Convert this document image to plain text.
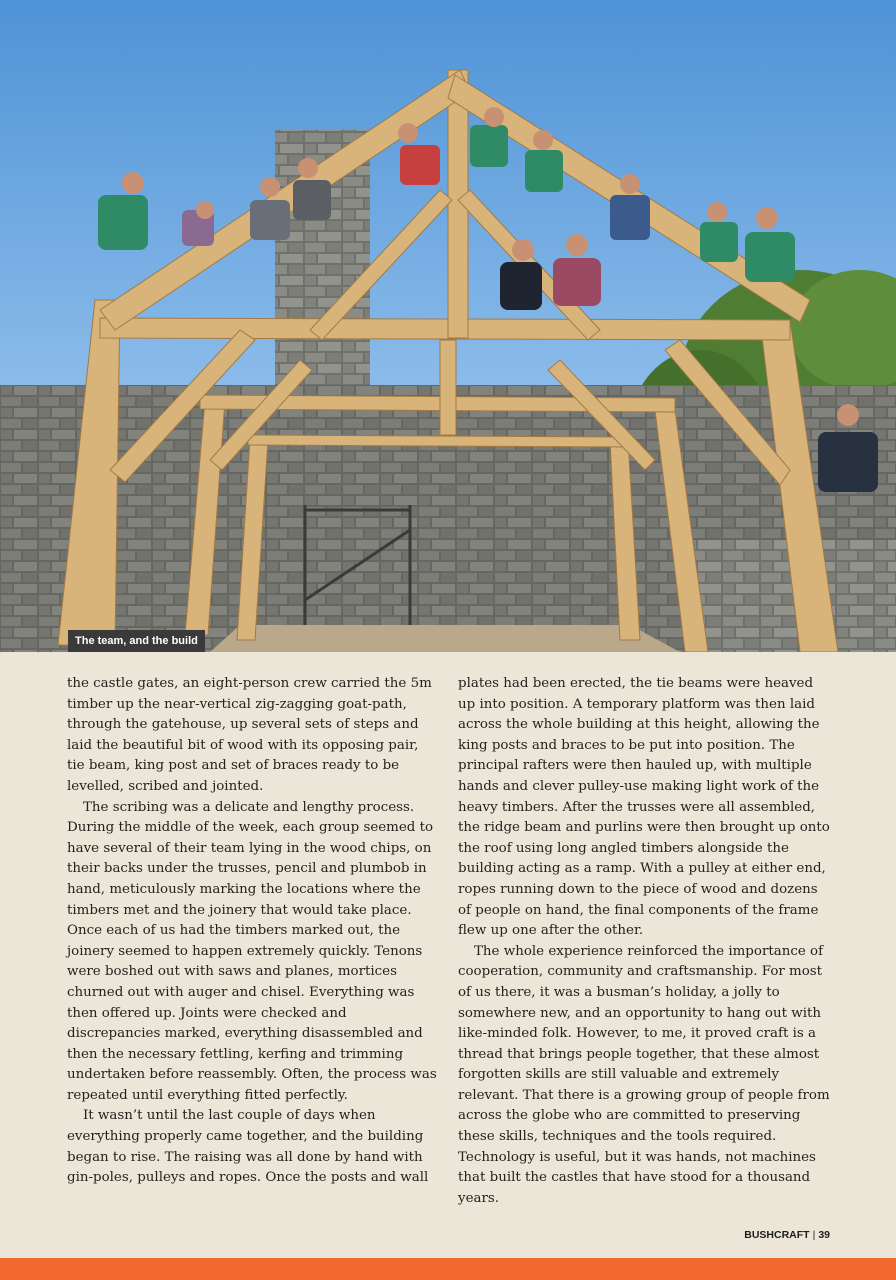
The team, and the build

the castle gates, an eight-person crew carried the 5m timber up the near-vertical zig-zagging goat-path, through the gatehouse, up several sets of steps and laid the beautiful bit of wood with its opposing pair, tie beam, king post and set of braces ready to be levelled, scribed and jointed.

The scribing was a delicate and lengthy process. During the middle of the week, each group seemed to have several of their team lying in the wood chips, on their backs under the trusses, pencil and plumbob in hand, meticulously marking the locations where the timbers met and the joinery that would take place. Once each of us had the timbers marked out, the joinery seemed to happen extremely quickly. Tenons were boshed out with saws and planes, mortices churned out with auger and chisel. Everything was then offered up. Joints were checked and discrepancies marked, everything disassembled and then the necessary fettling, kerfing and trimming undertaken before reassembly. Often, the process was repeated until everything fitted perfectly.

It wasn’t until the last couple of days when everything properly came together, and the building began to rise. The raising was all done by hand with gin-poles, pulleys and ropes. Once the posts and wall

plates had been erected, the tie beams were heaved up into position. A temporary platform was then laid across the whole building at this height, allowing the king posts and braces to be put into position. The principal rafters were then hauled up, with multiple hands and clever pulley-use making light work of the heavy timbers. After the trusses were all assembled, the ridge beam and purlins were then brought up onto the roof using long angled timbers alongside the building acting as a ramp. With a pulley at either end, ropes running down to the piece of wood and dozens of people on hand, the final components of the frame flew up one after the other.

The whole experience reinforced the importance of cooperation, community and craftsmanship. For most of us there, it was a busman’s holiday, a jolly to somewhere new, and an opportunity to hang out with like-minded folk. However, to me, it proved craft is a thread that brings people together, that these almost forgotten skills are still valuable and extremely relevant. That there is a growing group of people from across the globe who are committed to preserving these skills, techniques and the tools required. Technology is useful, but it was hands, not machines that built the castles that have stood for a thousand years.

BUSHCRAFT | 39
